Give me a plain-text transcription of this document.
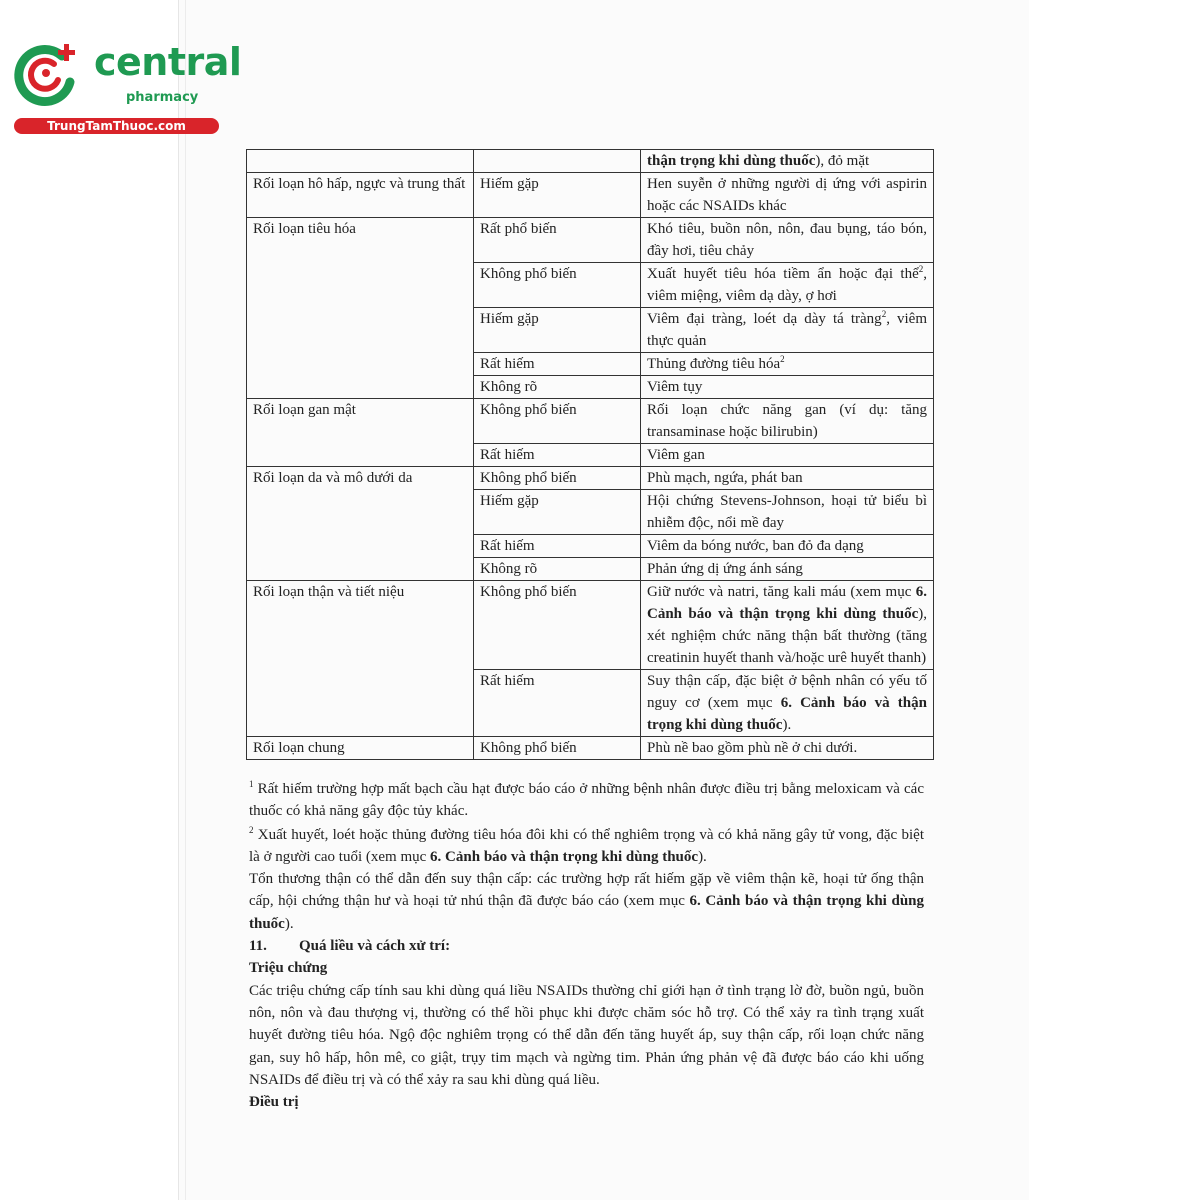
central
pharmacy
TrungTamThuoc.com
		thận trọng khi dùng thuốc), đỏ mặt
Rối loạn hô hấp, ngực và trung thất	Hiếm gặp	Hen suyễn ở những người dị ứng với aspirin hoặc các NSAIDs khác
Rối loạn tiêu hóa	Rất phổ biến	Khó tiêu, buồn nôn, nôn, đau bụng, táo bón, đầy hơi, tiêu chảy
	Không phổ biến	Xuất huyết tiêu hóa tiềm ẩn hoặc đại thể$^2$, viêm miệng, viêm dạ dày, ợ hơi
	Hiếm gặp	Viêm đại tràng, loét dạ dày tá tràng$^2$, viêm thực quản
	Rất hiếm	Thủng đường tiêu hóa$^2$
	Không rõ	Viêm tụy
Rối loạn gan mật	Không phổ biến	Rối loạn chức năng gan (ví dụ: tăng transaminase hoặc bilirubin)
	Rất hiếm	Viêm gan
Rối loạn da và mô dưới da	Không phổ biến	Phù mạch, ngứa, phát ban
	Hiếm gặp	Hội chứng Stevens-Johnson, hoại tử biểu bì nhiễm độc, nổi mề đay
	Rất hiếm	Viêm da bóng nước, ban đỏ đa dạng
	Không rõ	Phản ứng dị ứng ánh sáng
Rối loạn thận và tiết niệu	Không phổ biến	Giữ nước và natri, tăng kali máu (xem mục 6. Cảnh báo và thận trọng khi dùng thuốc), xét nghiệm chức năng thận bất thường (tăng creatinin huyết thanh và/hoặc urê huyết thanh)
	Rất hiếm	Suy thận cấp, đặc biệt ở bệnh nhân có yếu tố nguy cơ (xem mục 6. Cảnh báo và thận trọng khi dùng thuốc).
Rối loạn chung	Không phổ biến	Phù nề bao gồm phù nề ở chi dưới.

$^1$ Rất hiếm trường hợp mất bạch cầu hạt được báo cáo ở những bệnh nhân được điều trị bằng meloxicam và các thuốc có khả năng gây độc tủy khác.

$^2$ Xuất huyết, loét hoặc thủng đường tiêu hóa đôi khi có thể nghiêm trọng và có khả năng gây tử vong, đặc biệt là ở người cao tuổi (xem mục 6. Cảnh báo và thận trọng khi dùng thuốc).

Tổn thương thận có thể dẫn đến suy thận cấp: các trường hợp rất hiếm gặp về viêm thận kẽ, hoại tử ống thận cấp, hội chứng thận hư và hoại tử nhú thận đã được báo cáo (xem mục 6. Cảnh báo và thận trọng khi dùng thuốc).

11. Quá liều và cách xử trí:

Triệu chứng

Các triệu chứng cấp tính sau khi dùng quá liều NSAIDs thường chỉ giới hạn ở tình trạng lờ đờ, buồn ngủ, buồn nôn, nôn và đau thượng vị, thường có thể hồi phục khi được chăm sóc hỗ trợ. Có thể xảy ra tình trạng xuất huyết đường tiêu hóa. Ngộ độc nghiêm trọng có thể dẫn đến tăng huyết áp, suy thận cấp, rối loạn chức năng gan, suy hô hấp, hôn mê, co giật, trụy tim mạch và ngừng tim. Phản ứng phản vệ đã được báo cáo khi uống NSAIDs để điều trị và có thể xảy ra sau khi dùng quá liều.

Điều trị
